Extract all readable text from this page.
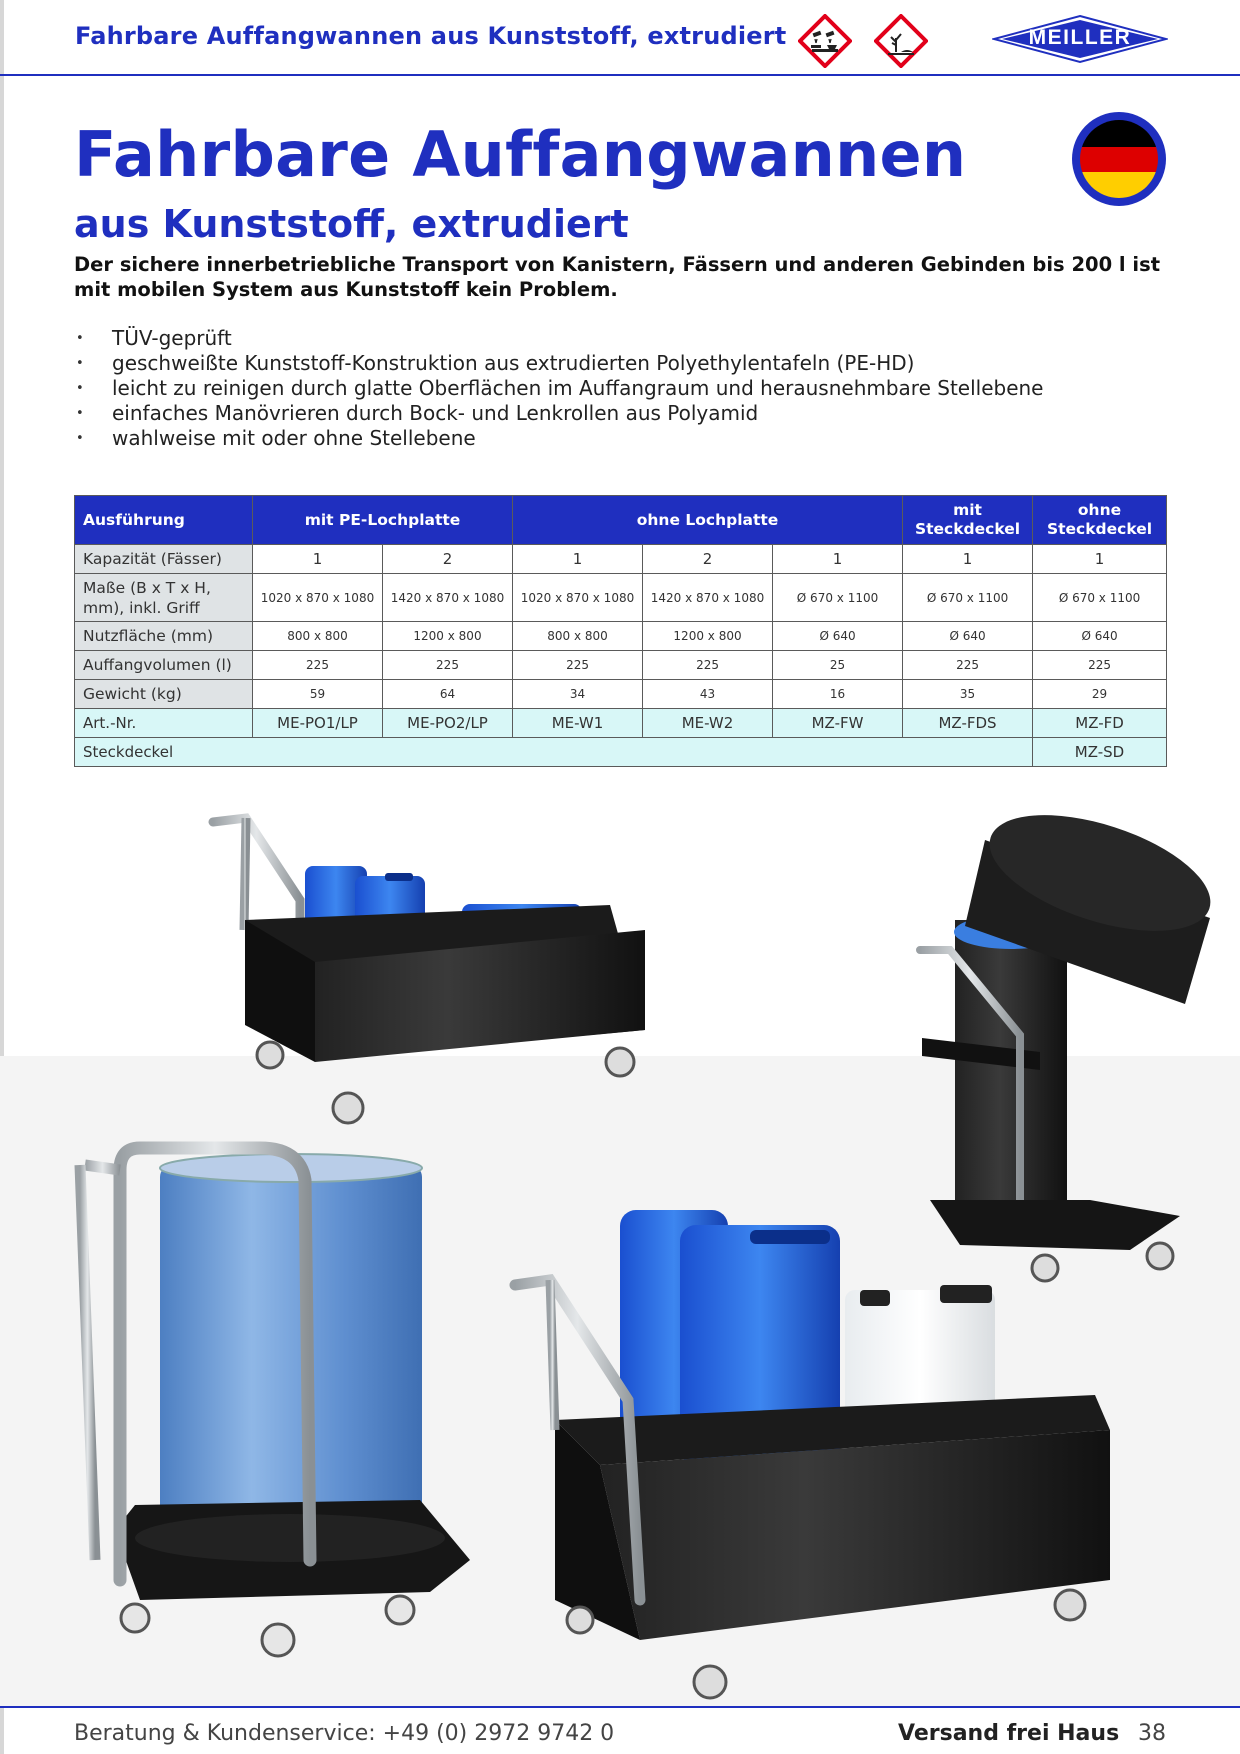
Fahrbare Auffangwannen aus Kunststoff, extrudiert	MEILLER
Fahrbare Auffangwannen
aus Kunststoff, extrudiert
Der sichere innerbetriebliche Transport von Kanistern, Fässern und anderen Gebinden bis 200 l ist mit mobilen System aus Kunststoff kein Problem.
• TÜV-geprüft
• geschweißte Kunststoff-Konstruktion aus extrudierten Polyethylentafeln (PE-HD)
• leicht zu reinigen durch glatte Oberflächen im Auffangraum und herausnehmbare Stellebene
• einfaches Manövrieren durch Bock- und Lenkrollen aus Polyamid
• wahlweise mit oder ohne Stellebene
Ausführung	mit PE-Lochplatte		ohne Lochplatte			mit Steckdeckel	ohne Steckdeckel
Kapazität (Fässer)	1	2	1	2	1	1	1
Maße (B x T x H, mm), inkl. Griff	1020 x 870 x 1080	1420 x 870 x 1080	1020 x 870 x 1080	1420 x 870 x 1080	Ø 670 x 1100	Ø 670 x 1100	Ø 670 x 1100
Nutzfläche (mm)	800 x 800	1200 x 800	800 x 800	1200 x 800	Ø 640	Ø 640	Ø 640
Auffangvolumen (l)	225	225	225	225	25	225	225
Gewicht (kg)	59	64	34	43	16	35	29
Art.-Nr.	ME-PO1/LP	ME-PO2/LP	ME-W1	ME-W2	MZ-FW	MZ-FDS	MZ-FD
Steckdeckel							MZ-SD
Beratung & Kundenservice: +49 (0) 2972 9742 0	Versand frei Haus 38
